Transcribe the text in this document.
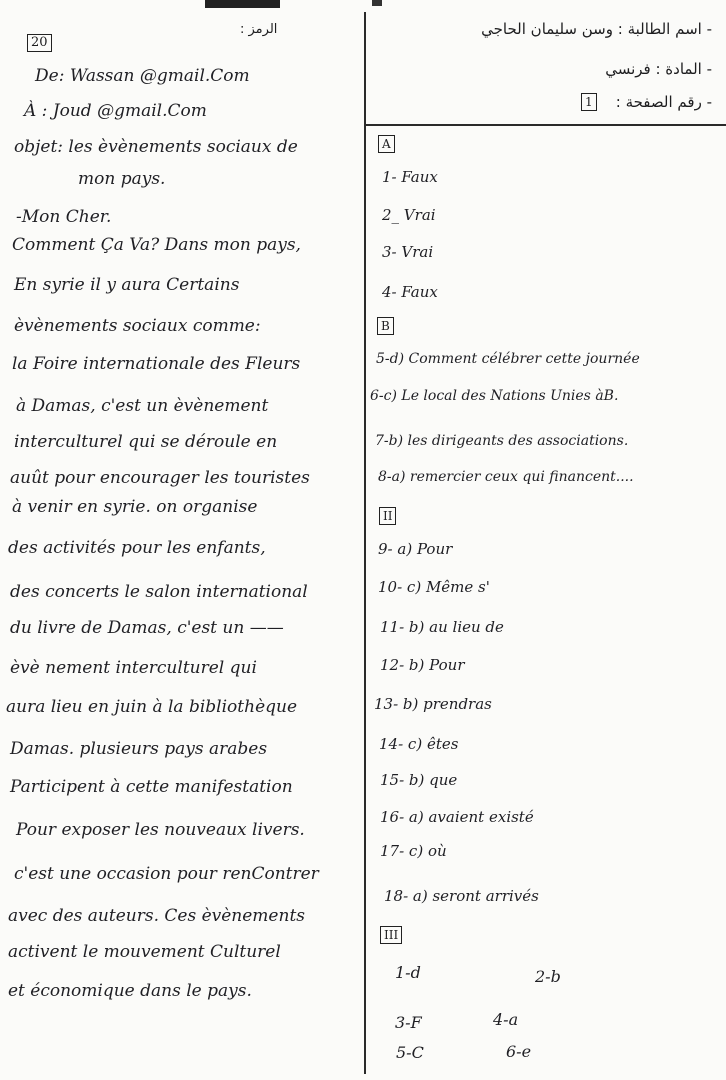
20
الرمز :	- اسم الطالبة : وسن سليمان الحاجي
- المادة : فرنسي
- رقم الصفحة :
1
De: Wassan @gmail.Com
À : Joud @gmail.Com
objet: les èvènements sociaux de
mon pays.
-Mon Cher.
Comment Ça Va? Dans mon pays,
En syrie il y aura Certains
èvènements sociaux comme:
la Foire internationale des Fleurs
à Damas, c'est un èvènement
interculturel qui se déroule en
auût pour encourager les touristes
à venir en syrie. on organise
des activités pour les enfants,
des concerts le salon international
du livre de Damas, c'est un ——
èvè nement interculturel qui
aura lieu en juin à la bibliothèque
Damas. plusieurs pays arabes
Participent à cette manifestation
Pour exposer les nouveaux livers.
c'est une occasion pour renContrer
avec des auteurs. Ces èvènements
activent le mouvement Culturel
et économique dans le pays.
A
1- Faux
2_ Vrai
3- Vrai
4- Faux
B
5-d) Comment célébrer cette journée
6-c) Le local des Nations Unies àB.
7-b) les dirigeants des associations.
8-a) remercier ceux qui financent....
II
9- a) Pour
10- c) Même s'
11- b) au lieu de
12- b) Pour
13- b) prendras
14- c) êtes
15- b) que
16- a) avaient existé
17- c) où
18- a) seront arrivés
III
1-d	2-b
3-F	4-a
5-C	6-e
